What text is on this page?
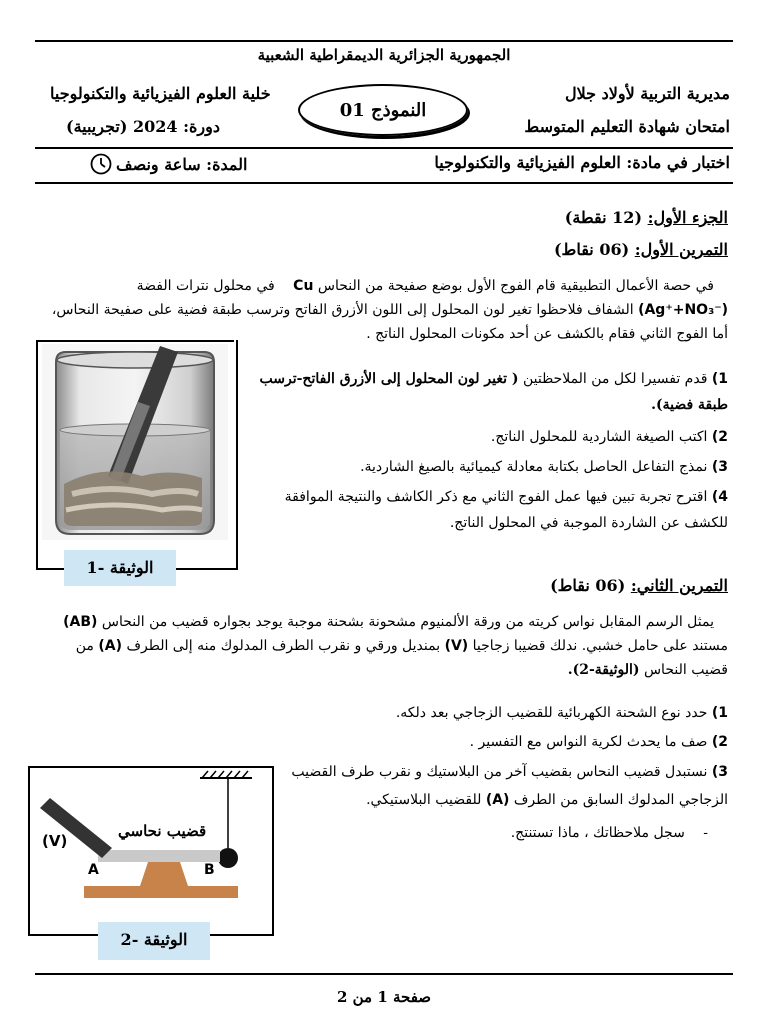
الجمهورية الجزائرية الديمقراطية الشعبية
مديرية التربية لأولاد جلال
امتحان شهادة التعليم المتوسط
النموذج 01
خلية العلوم الفيزيائية والتكنولوجيا
دورة: 2024 (تجريبية)
اختبار في مادة: العلوم الفيزيائية والتكنولوجيا
المدة: ساعة ونصف
الجزء الأول: (12 نقطة)
التمرين الأول: (06 نقاط)
في حصة الأعمال التطبيقية قام الفوج الأول بوضع صفيحة من النحاس Cu في محلول نترات الفضة
(Ag⁺+NO₃⁻) الشفاف فلاحظوا تغير لون المحلول إلى اللون الأزرق الفاتح وترسب طبقة فضية على صفيحة النحاس،
أما الفوج الثاني فقام بالكشف عن أحد مكونات المحلول الناتج .
الوثيقة -1
1) قدم تفسيرا لكل من الملاحظتين ( تغير لون المحلول إلى الأزرق الفاتح-ترسب طبقة فضية).
2) اكتب الصيغة الشاردية للمحلول الناتج.
3) نمذج التفاعل الحاصل بكتابة معادلة كيميائية بالصيغ الشاردية.
4) اقترح تجربة تبين فيها عمل الفوج الثاني مع ذكر الكاشف والنتيجة الموافقة للكشف عن الشاردة الموجبة في المحلول الناتج.
التمرين الثاني: (06 نقاط)
يمثل الرسم المقابل نواس كريته من ورقة الألمنيوم مشحونة بشحنة موجبة يوجد بجواره قضيب من النحاس (AB)
مستند على حامل خشبي. ندلك قضيبا زجاجيا (V) بمنديل ورقي و نقرب الطرف المدلوك منه إلى الطرف (A) من
قضيب النحاس (الوثيقة-2).
1) حدد نوع الشحنة الكهربائية للقضيب الزجاجي بعد دلكه.
2) صف ما يحدث لكرية النواس مع التفسير .
3) نستبدل قضيب النحاس بقضيب آخر من البلاستيك و نقرب طرف القضيب الزجاجي المدلوك السابق من الطرف (A) للقضيب البلاستيكي.
- سجل ملاحظاتك ، ماذا تستنتج.
قضيب نحاسي
(V)
A	B
الوثيقة -2
صفحة 1 من 2
